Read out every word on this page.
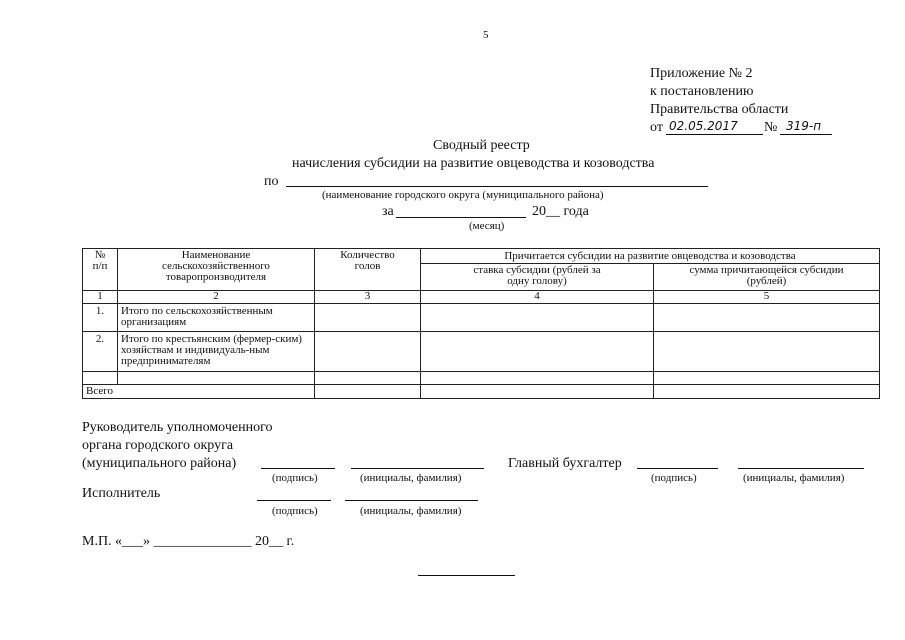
5
Приложение № 2
к постановлению
Правительства области
от 02.05.2017 № 319-п
Сводный реестр
начисления субсидии на развитие овцеводства и козоводства
по
(наименование городского округа (муниципального района)
за	20__ года
(месяц)
№ п/п	Наименование сельскохозяйственного товаропроизводителя	Количество голов	Причитается субсидии на развитие овцеводства и козоводства	
			ставка субсидии (рублей за одну голову)	сумма причитающейся субсидии (рублей)
1	2	3	4	5
1.	Итого по сельскохозяйственным организациям			
2.	Итого по крестьянским (фермер-ским) хозяйствам и индивидуаль-ным предпринимателям			

Всего				
Руководитель уполномоченного
органа городского округа
(муниципального района)
(подпись)	(инициалы, фамилия)
Главный бухгалтер
(подпись)	(инициалы, фамилия)
Исполнитель
(подпись)	(инициалы, фамилия)
М.П. «___» ______________ 20__ г.
